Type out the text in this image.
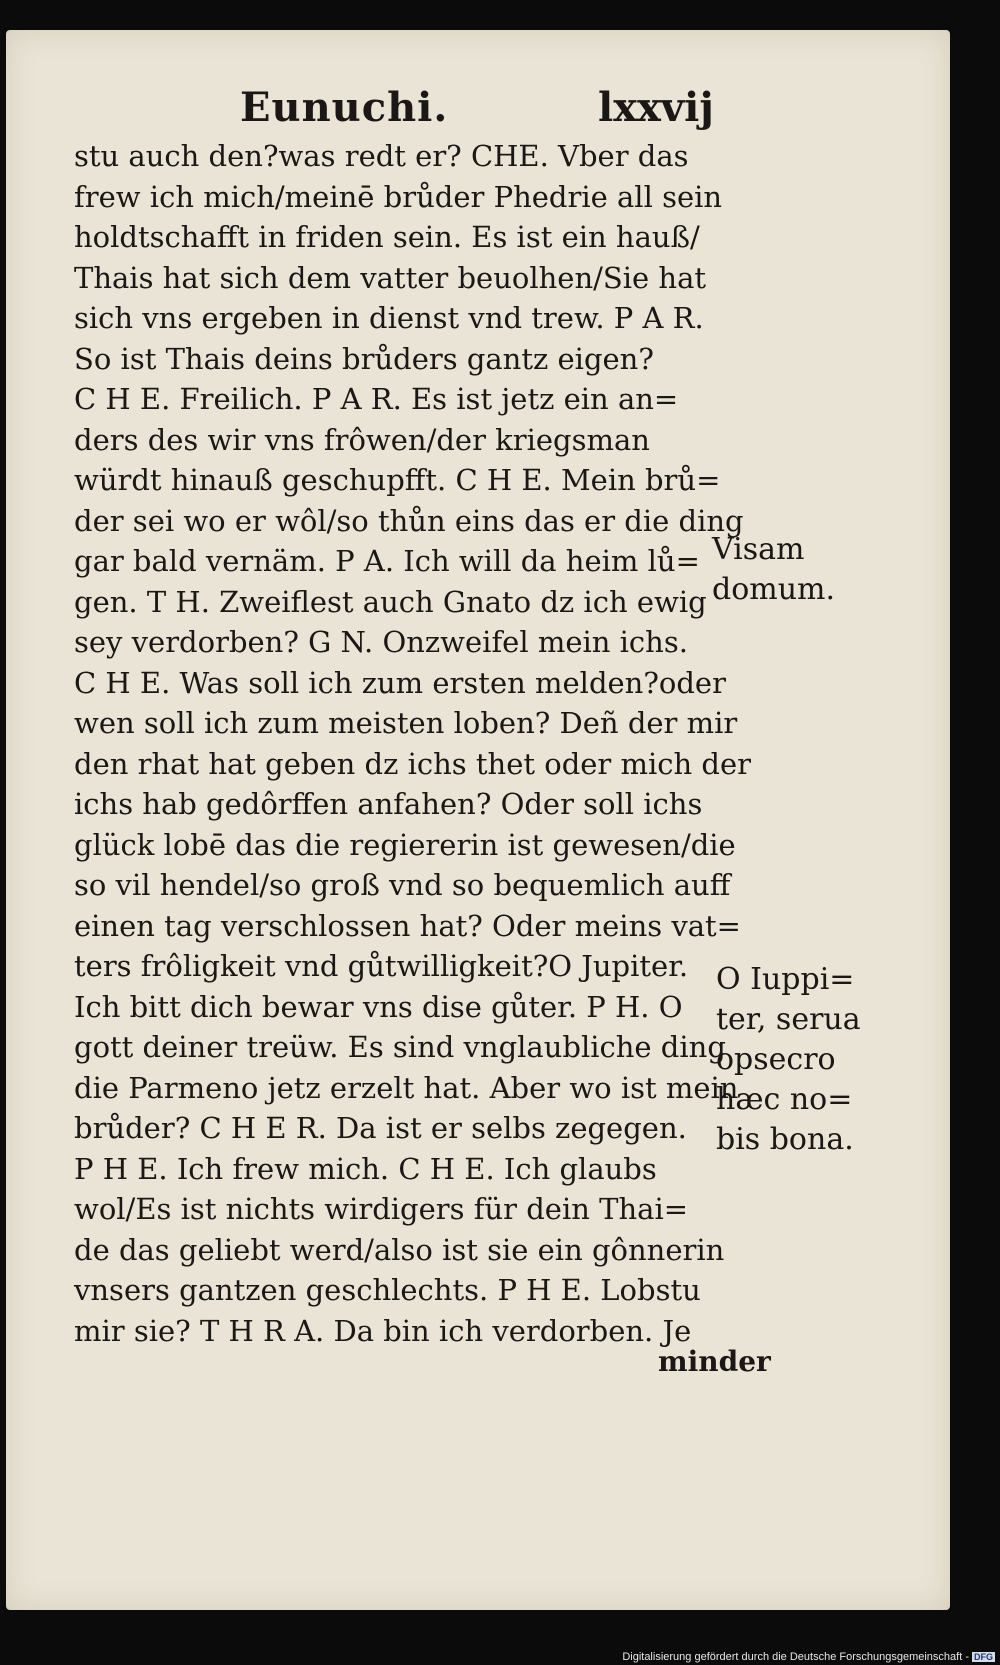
Eunuchi.	lxxvij
stu auch den?was redt er? CHE. Vber das
frew ich mich/meinē brůder Phedrie all sein
holdtschafft in friden sein. Es ist ein hauß/
Thais hat sich dem vatter beuolhen/Sie hat
sich vns ergeben in dienst vnd trew. P A R.
So ist Thais deins brůders gantz eigen?
C H E. Freilich. P A R. Es ist jetz ein an=
ders des wir vns frôwen/der kriegsman
würdt hinauß geschupfft. C H E. Mein brů=
der sei wo er wôl/so thůn eins das er die ding
gar bald vernäm. P A. Ich will da heim lů=
gen. T H. Zweiflest auch Gnato dz ich ewig
sey verdorben? G N. Onzweifel mein ichs.
C H E. Was soll ich zum ersten melden?oder
wen soll ich zum meisten loben? Deñ der mir
den rhat hat geben dz ichs thet oder mich der
ichs hab gedôrffen anfahen? Oder soll ichs
glück lobē das die regiererin ist gewesen/die
so vil hendel/so groß vnd so bequemlich auff
einen tag verschlossen hat? Oder meins vat=
ters frôligkeit vnd gůtwilligkeit?O Jupiter.
Ich bitt dich bewar vns dise gůter. P H. O
gott deiner treüw. Es sind vnglaubliche ding
die Parmeno jetz erzelt hat. Aber wo ist mein
brůder? C H E R. Da ist er selbs zegegen.
P H E. Ich frew mich. C H E. Ich glaubs
wol/Es ist nichts wirdigers für dein Thai=
de das geliebt werd/also ist sie ein gônnerin
vnsers gantzen geschlechts. P H E. Lobstu
mir sie? T H R A. Da bin ich verdorben. Je
minder
Visam
domum.
O Iuppi=
ter, serua
opsecro
hæc no=
bis bona.
Digitalisierung gefördert durch die Deutsche Forschungsgemeinschaft - DFG
